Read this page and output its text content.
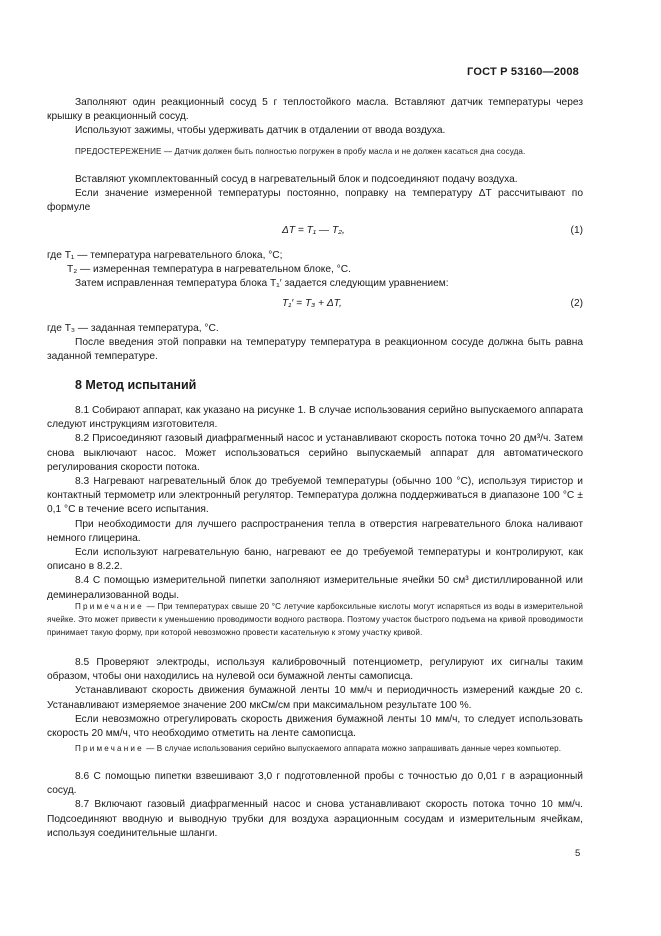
ГОСТ Р 53160—2008

Заполняют один реакционный сосуд 5 г теплостойкого масла. Вставляют датчик температуры через крышку в реакционный сосуд.

Используют зажимы, чтобы удерживать датчик в отдалении от ввода воздуха.

ПРЕДОСТЕРЕЖЕНИЕ — Датчик должен быть полностью погружен в пробу масла и не должен касаться дна сосуда.

Вставляют укомплектованный сосуд в нагревательный блок и подсоединяют подачу воздуха.

Если значение измеренной температуры постоянно, поправку на температуру ΔT рассчитывают по формуле

ΔT = T₁ — T₂,	(1)
где T₁ — температура нагревательного блока, °С;
T₂ — измеренная температура в нагревательном блоке, °С.

Затем исправленная температура блока T₁′ задается следующим уравнением:

T₁′ = T₃ + ΔT,	(2)
где T₃ — заданная температура, °С.

После введения этой поправки на температуру температура в реакционном сосуде должна быть равна заданной температуре.

8 Метод испытаний

8.1 Собирают аппарат, как указано на рисунке 1. В случае использования серийно выпускаемого аппарата следуют инструкциям изготовителя.

8.2 Присоединяют газовый диафрагменный насос и устанавливают скорость потока точно 20 дм³/ч. Затем снова выключают насос. Может использоваться серийно выпускаемый аппарат для автоматического регулирования скорости потока.

8.3 Нагревают нагревательный блок до требуемой температуры (обычно 100 °С), используя тиристор и контактный термометр или электронный регулятор. Температура должна поддерживаться в диапазоне 100 °С ± 0,1 °С в течение всего испытания.

При необходимости для лучшего распространения тепла в отверстия нагревательного блока наливают немного глицерина.

Если используют нагревательную баню, нагревают ее до требуемой температуры и контролируют, как описано в 8.2.2.

8.4 С помощью измерительной пипетки заполняют измерительные ячейки 50 см³ дистиллированной или деминерализованной воды.

Примечание — При температурах свыше 20 °С летучие карбоксильные кислоты могут испаряться из воды в измерительной ячейке. Это может привести к уменьшению проводимости водного раствора. Поэтому участок быстрого подъема на кривой проводимости принимает такую форму, при которой невозможно провести касательную к этому участку кривой.

8.5 Проверяют электроды, используя калибровочный потенциометр, регулируют их сигналы таким образом, чтобы они находились на нулевой оси бумажной ленты самописца.

Устанавливают скорость движения бумажной ленты 10 мм/ч и периодичность измерений каждые 20 с. Устанавливают измеряемое значение 200 мкСм/см при максимальном результате 100 %.

Если невозможно отрегулировать скорость движения бумажной ленты 10 мм/ч, то следует использовать скорость 20 мм/ч, что необходимо отметить на ленте самописца.

Примечание — В случае использования серийно выпускаемого аппарата можно запрашивать данные через компьютер.

8.6 С помощью пипетки взвешивают 3,0 г подготовленной пробы с точностью до 0,01 г в аэрационный сосуд.

8.7 Включают газовый диафрагменный насос и снова устанавливают скорость потока точно 10 мм/ч. Подсоединяют вводную и выводную трубки для воздуха аэрационным сосудам и измерительным ячейкам, используя соединительные шланги.

5
